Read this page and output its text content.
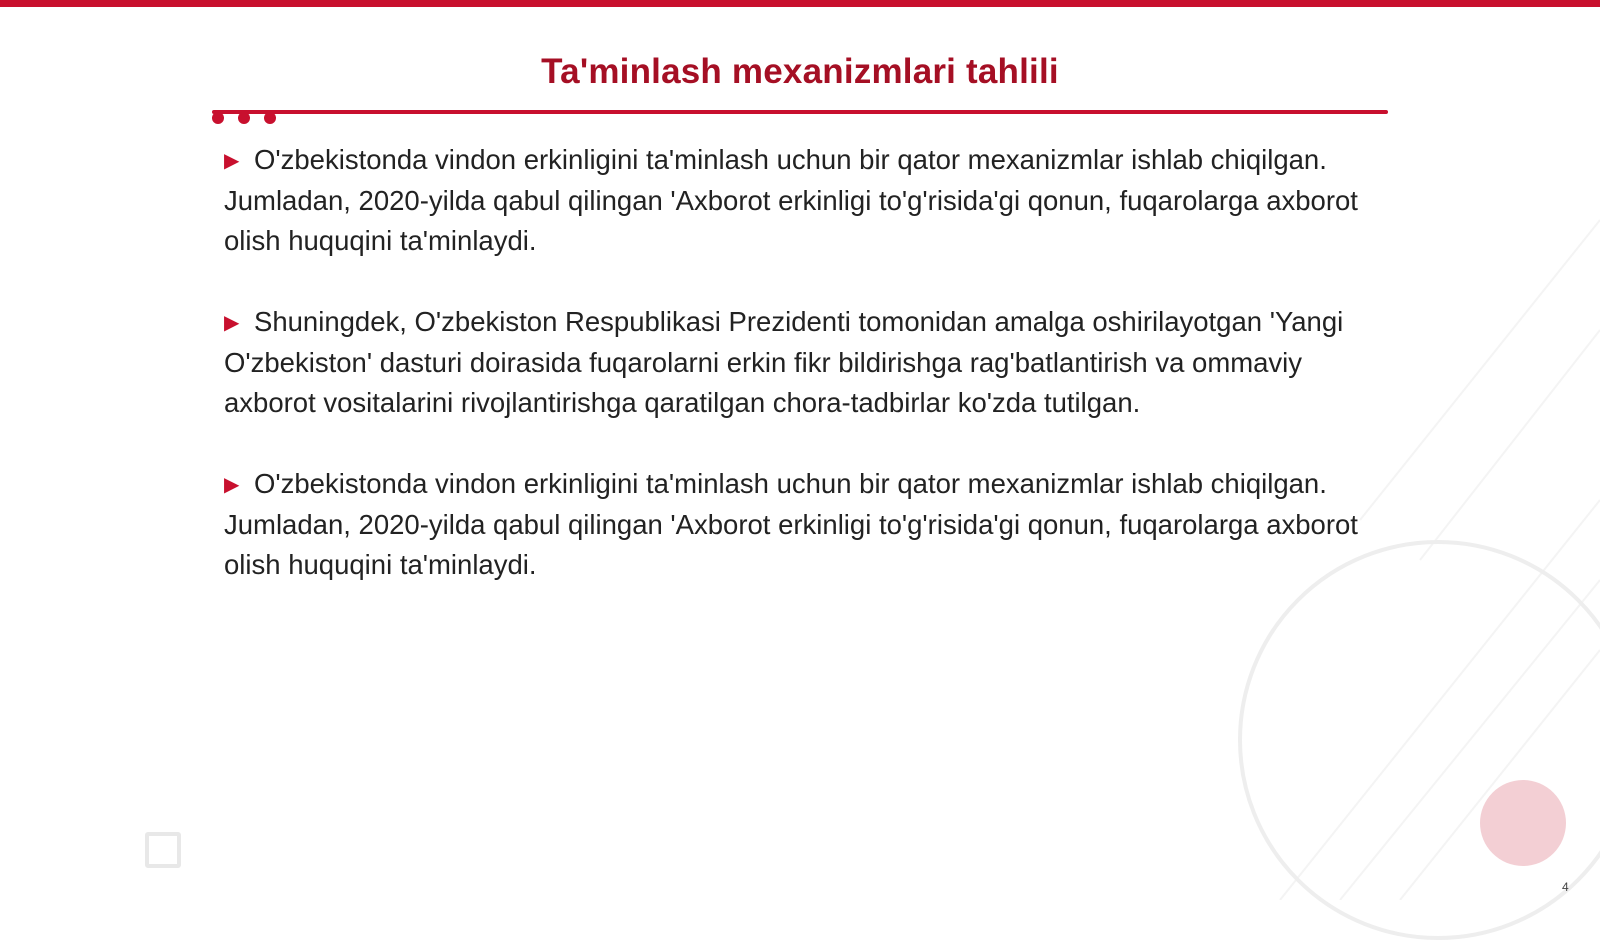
Ta'minlash mexanizmlari tahlili
▶ O'zbekistonda vindon erkinligini ta'minlash uchun bir qator mexanizmlar ishlab chiqilgan. Jumladan, 2020-yilda qabul qilingan 'Axborot erkinligi to'g'risida'gi qonun, fuqarolarga axborot olish huquqini ta'minlaydi.
▶ Shuningdek, O'zbekiston Respublikasi Prezidenti tomonidan amalga oshirilayotgan 'Yangi O'zbekiston' dasturi doirasida fuqarolarni erkin fikr bildirishga rag'batlantirish va ommaviy axborot vositalarini rivojlantirishga qaratilgan chora-tadbirlar ko'zda tutilgan.
▶ O'zbekistonda vindon erkinligini ta'minlash uchun bir qator mexanizmlar ishlab chiqilgan. Jumladan, 2020-yilda qabul qilingan 'Axborot erkinligi to'g'risida'gi qonun, fuqarolarga axborot olish huquqini ta'minlaydi.
4
